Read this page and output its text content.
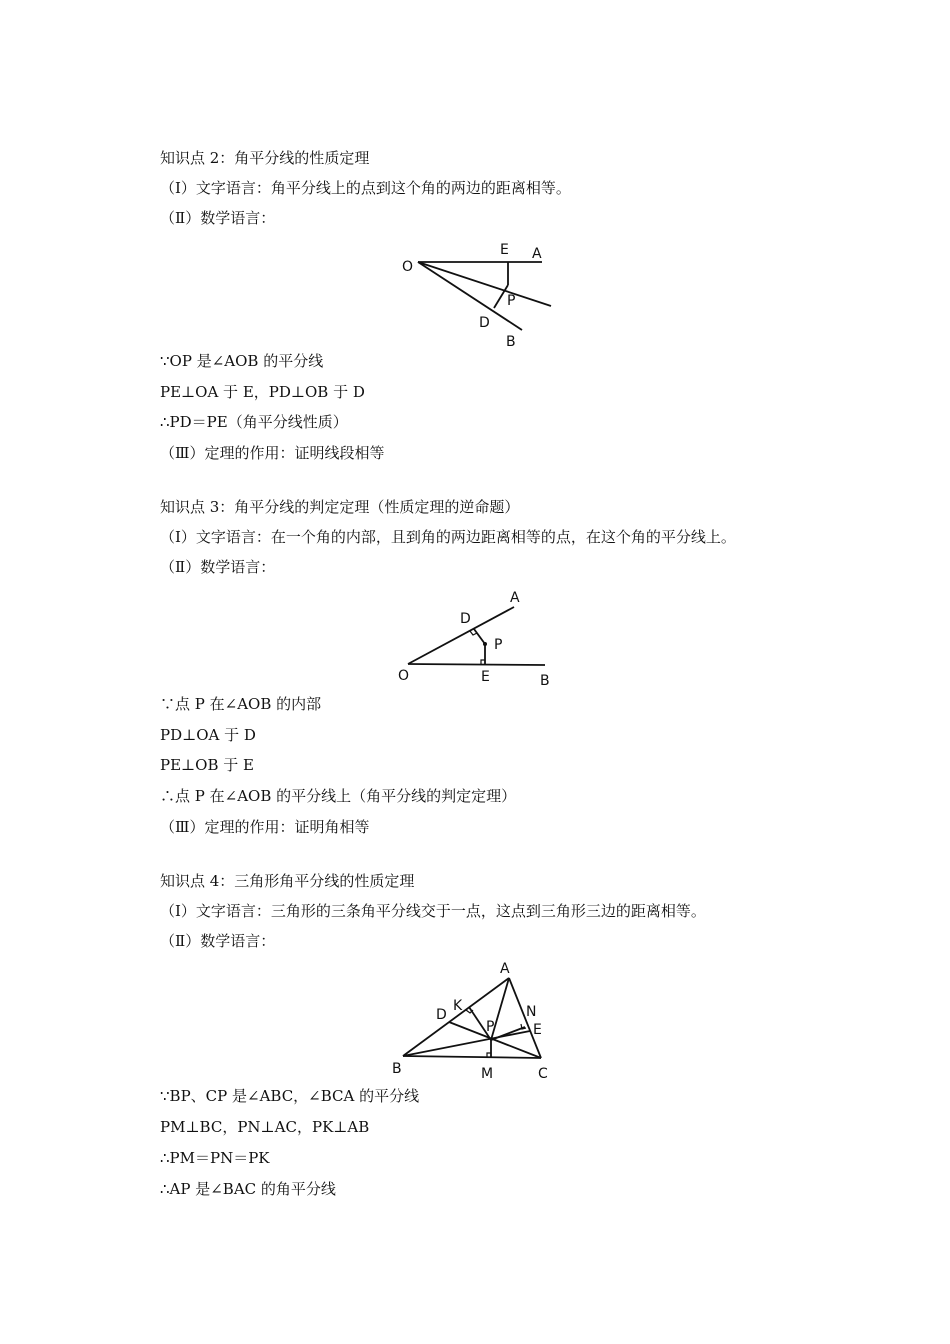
知识点 2：角平分线的性质定理
（Ⅰ）文字语言：角平分线上的点到这个角的两边的距离相等。
（Ⅱ）数学语言：
O
E A
P
D
B
∵OP 是∠AOB 的平分线
PE⊥OA 于 E，PD⊥OB 于 D
∴PD＝PE（角平分线性质）
（Ⅲ）定理的作用：证明线段相等
知识点 3：角平分线的判定定理（性质定理的逆命题）
（Ⅰ）文字语言：在一个角的内部，且到角的两边距离相等的点，在这个角的平分线上。
（Ⅱ）数学语言：
A
D
P
O	E	B
∵点 P 在∠AOB 的内部
PD⊥OA 于 D
PE⊥OB 于 E
∴点 P 在∠AOB 的平分线上（角平分线的判定定理）
（Ⅲ）定理的作用：证明角相等
知识点 4：三角形角平分线的性质定理
（Ⅰ）文字语言：三角形的三条角平分线交于一点，这点到三角形三边的距离相等。
（Ⅱ）数学语言：
A
K
D	N
P	E
B	M	C
∵BP、CP 是∠ABC，∠BCA 的平分线
PM⊥BC，PN⊥AC，PK⊥AB
∴PM＝PN＝PK
∴AP 是∠BAC 的角平分线
